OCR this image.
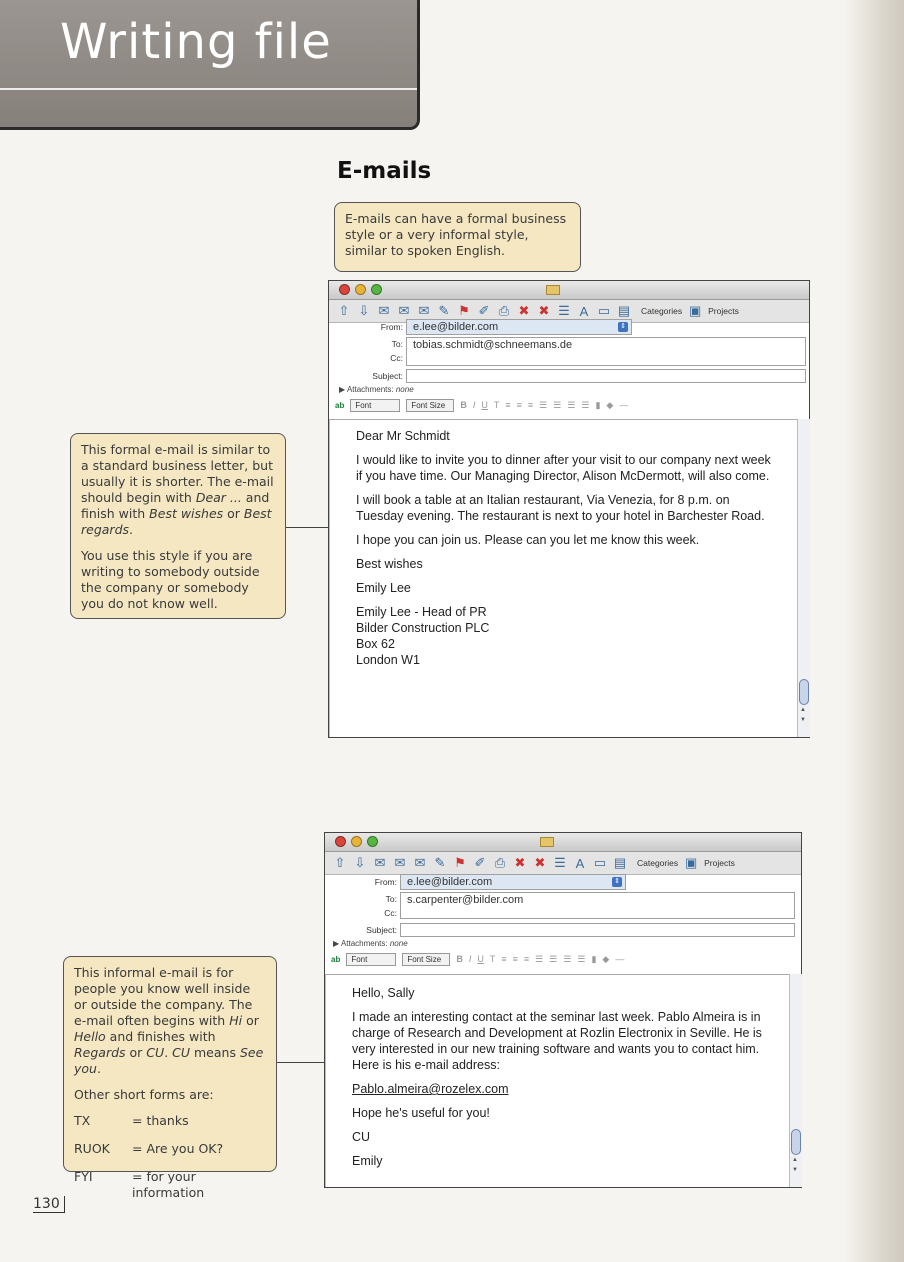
Writing file
E-mails

E-mails can have a formal business style or a very informal style, similar to spoken English.

This formal e-mail is similar to a standard business letter, but usually it is shorter. The e-mail should begin with Dear ... and finish with Best wishes or Best regards.

You use this style if you are writing to somebody outside the company or somebody you do not know well.

⇧ ⇩ ✉ ✉ ✉ ✎ ⚑ ✐ ⎙ ✖ ✖ ☰ A ▭ ▤ Categories ▣ Projects
From: e.lee@bilder.com	⇕
To: tobias.schmidt@schneemans.de
Cc:
Subject:
▶ Attachments: none
ab	Font	Font Size	B I U T ≡ ≡ ≡ ☰ ☰ ☰ ☰ ▮ ◆ —

Dear Mr Schmidt

I would like to invite you to dinner after your visit to our company next week if you have time. Our Managing Director, Alison McDermott, will also come.

I will book a table at an Italian restaurant, Via Venezia, for 8 p.m. on Tuesday evening. The restaurant is next to your hotel in Barchester Road.

I hope you can join us. Please can you let me know this week.

Best wishes

Emily Lee

Emily Lee - Head of PR

Bilder Construction PLC

Box 62

London W1

▲
▼

This informal e-mail is for people you know well inside or outside the company. The e-mail often begins with Hi or Hello and finishes with Regards or CU. CU means See you.

Other short forms are:

TX	= thanks
RUOK	= Are you OK?
FYI	= for your information
⇧ ⇩ ✉ ✉ ✉ ✎ ⚑ ✐ ⎙ ✖ ✖ ☰ A ▭ ▤ Categories ▣ Projects
From: e.lee@bilder.com	⇕
To: s.carpenter@bilder.com
Cc:
Subject:
▶ Attachments: none
ab	Font	Font Size	B I U T ≡ ≡ ≡ ☰ ☰ ☰ ☰ ▮ ◆ —

Hello, Sally

I made an interesting contact at the seminar last week. Pablo Almeira is in charge of Research and Development at Rozlin Electronix in Seville. He is very interested in our new training software and wants you to contact him. Here is his e-mail address:

Pablo.almeira@rozelex.com

Hope he's useful for you!

CU

Emily	▲
▼
130
